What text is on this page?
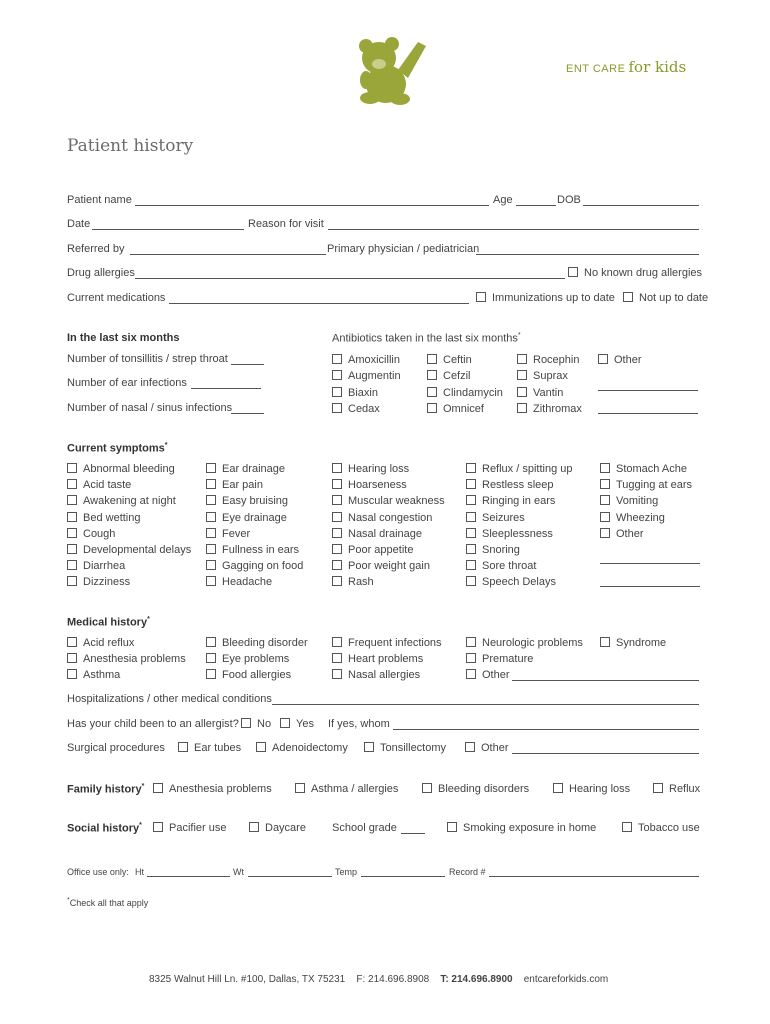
ENT CARE for kids
Patient history
Patient name	Age	DOB
Date	Reason for visit
Referred by	Primary physician / pediatrician
Drug allergies	No known drug allergies
Current medications	Immunizations up to date	Not up to date
In the last six months
Number of tonsillitis / strep throat
Number of ear infections
Number of nasal / sinus infections
Antibiotics taken in the last six months*
Amoxicillin
Augmentin
Biaxin
Cedax
Ceftin
Cefzil
Clindamycin
Omnicef
Rocephin
Suprax
Vantin
Zithromax
Other
Current symptoms*
Abnormal bleeding
Acid taste
Awakening at night
Bed wetting
Cough
Developmental delays
Diarrhea
Dizziness
Ear drainage
Ear pain
Easy bruising
Eye drainage
Fever
Fullness in ears
Gagging on food
Headache
Hearing loss
Hoarseness
Muscular weakness
Nasal congestion
Nasal drainage
Poor appetite
Poor weight gain
Rash
Reflux / spitting up
Restless sleep
Ringing in ears
Seizures
Sleeplessness
Snoring
Sore throat
Speech Delays
Stomach Ache
Tugging at ears
Vomiting
Wheezing
Other
Medical history*
Acid reflux
Anesthesia problems
Asthma
Bleeding disorder
Eye problems
Food allergies
Frequent infections
Heart problems
Nasal allergies
Neurologic problems
Premature
Other
Syndrome
Hospitalizations / other medical conditions
Has your child been to an allergist?	No	Yes If yes, whom
Surgical procedures	Ear tubes	Adenoidectomy	Tonsillectomy	Other
Family history*	Anesthesia problems	Asthma / allergies	Bleeding disorders	Hearing loss	Reflux
Social history*	Pacifier use	Daycare School grade	Smoking exposure in home	Tobacco use
Office use only: Ht	Wt	Temp	Record #
*Check all that apply
8325 Walnut Hill Ln. #100, Dallas, TX 75231 F: 214.696.8908 T: 214.696.8900 entcareforkids.com
